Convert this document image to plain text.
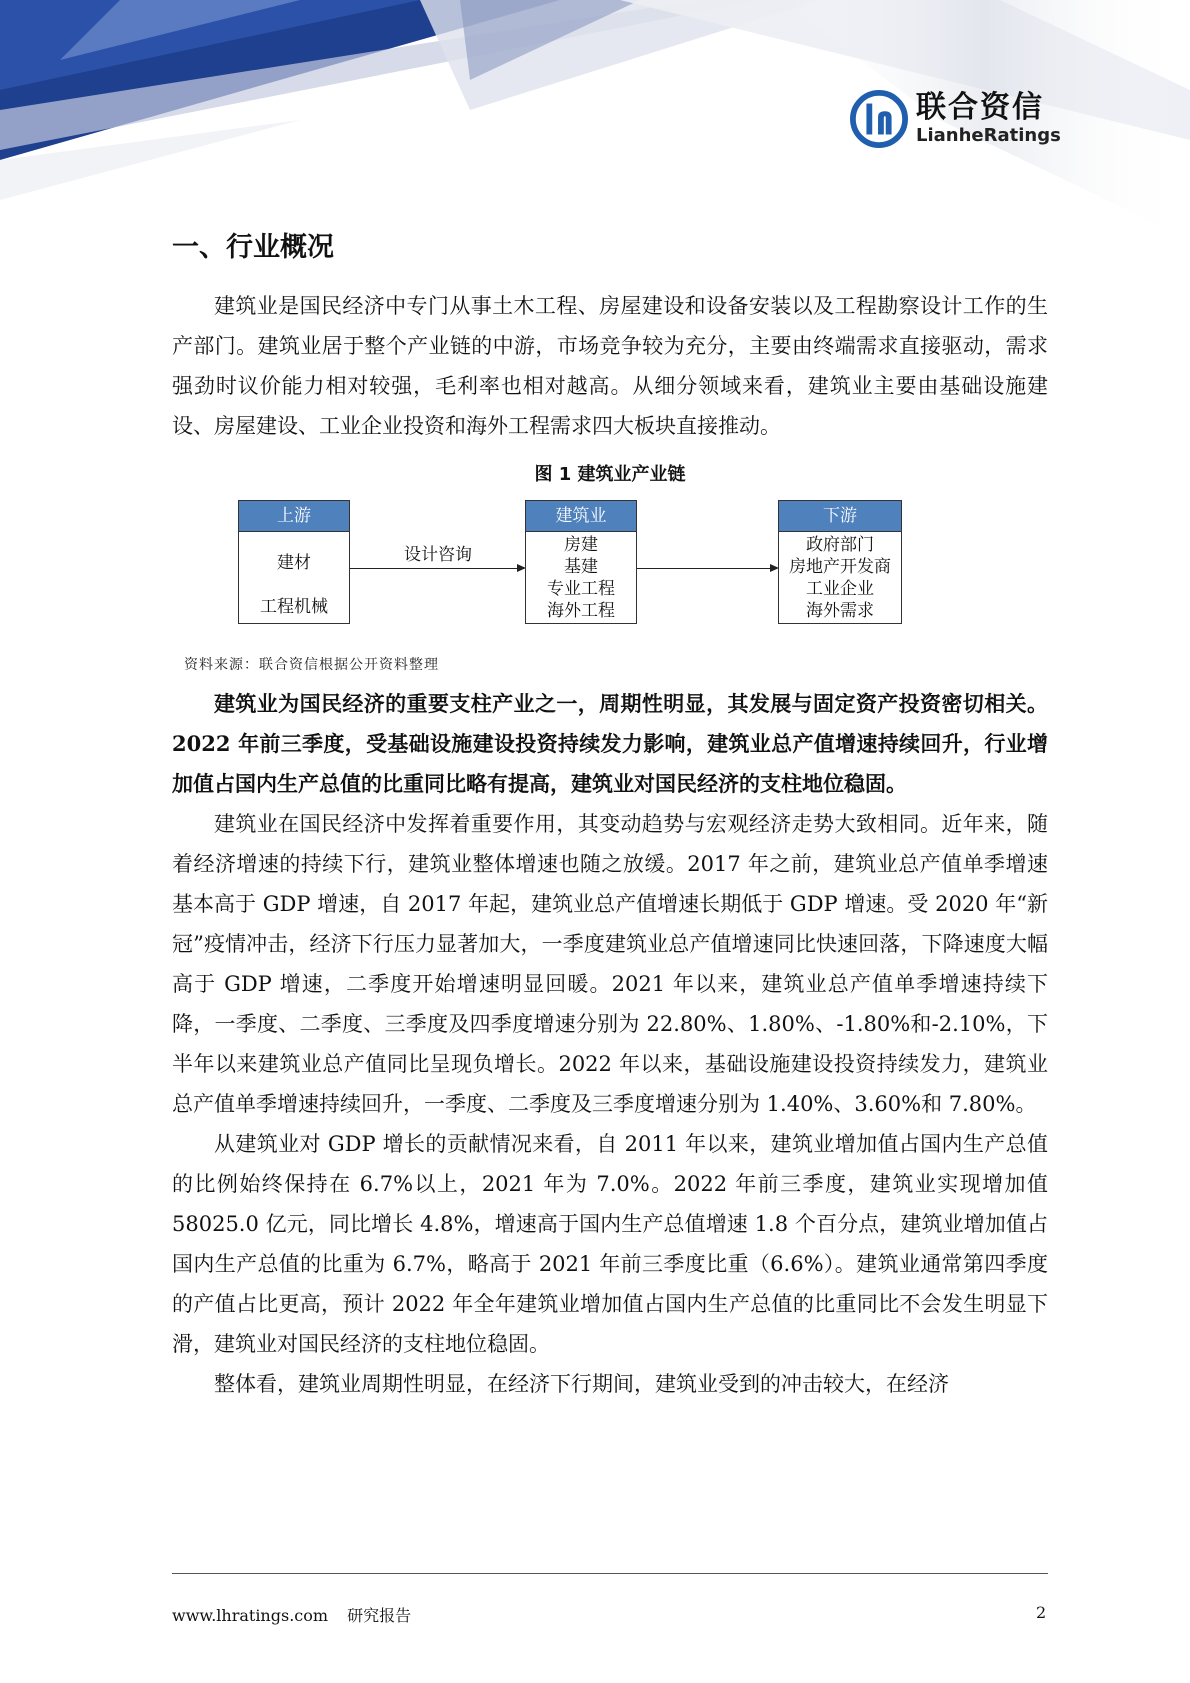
联合资信
LianheRatings
一、行业概况

建筑业是国民经济中专门从事土木工程、房屋建设和设备安装以及工程勘察设计工作的生产部门。建筑业居于整个产业链的中游，市场竞争较为充分，主要由终端需求直接驱动，需求强劲时议价能力相对较强，毛利率也相对越高。从细分领域来看，建筑业主要由基础设施建设、房屋建设、工业企业投资和海外工程需求四大板块直接推动。

图 1 建筑业产业链
上游
建材
工程机械
设计咨询
建筑业
房建
基建
专业工程
海外工程
下游
政府部门
房地产开发商
工业企业
海外需求
资料来源：联合资信根据公开资料整理

建筑业为国民经济的重要支柱产业之一，周期性明显，其发展与固定资产投资密切相关。2022 年前三季度，受基础设施建设投资持续发力影响，建筑业总产值增速持续回升，行业增加值占国内生产总值的比重同比略有提高，建筑业对国民经济的支柱地位稳固。

建筑业在国民经济中发挥着重要作用，其变动趋势与宏观经济走势大致相同。近年来，随着经济增速的持续下行，建筑业整体增速也随之放缓。2017 年之前，建筑业总产值单季增速基本高于 GDP 增速，自 2017 年起，建筑业总产值增速长期低于 GDP 增速。受 2020 年“新冠”疫情冲击，经济下行压力显著加大，一季度建筑业总产值增速同比快速回落，下降速度大幅高于 GDP 增速，二季度开始增速明显回暖。2021 年以来，建筑业总产值单季增速持续下降，一季度、二季度、三季度及四季度增速分别为 22.80%、1.80%、-1.80%和-2.10%，下半年以来建筑业总产值同比呈现负增长。2022 年以来，基础设施建设投资持续发力，建筑业总产值单季增速持续回升，一季度、二季度及三季度增速分别为 1.40%、3.60%和 7.80%。

从建筑业对 GDP 增长的贡献情况来看，自 2011 年以来，建筑业增加值占国内生产总值的比例始终保持在 6.7%以上，2021 年为 7.0%。2022 年前三季度，建筑业实现增加值 58025.0 亿元，同比增长 4.8%，增速高于国内生产总值增速 1.8 个百分点，建筑业增加值占国内生产总值的比重为 6.7%，略高于 2021 年前三季度比重（6.6%）。建筑业通常第四季度的产值占比更高，预计 2022 年全年建筑业增加值占国内生产总值的比重同比不会发生明显下滑，建筑业对国民经济的支柱地位稳固。

整体看，建筑业周期性明显，在经济下行期间，建筑业受到的冲击较大，在经济

www.lhratings.com 研究报告	2
